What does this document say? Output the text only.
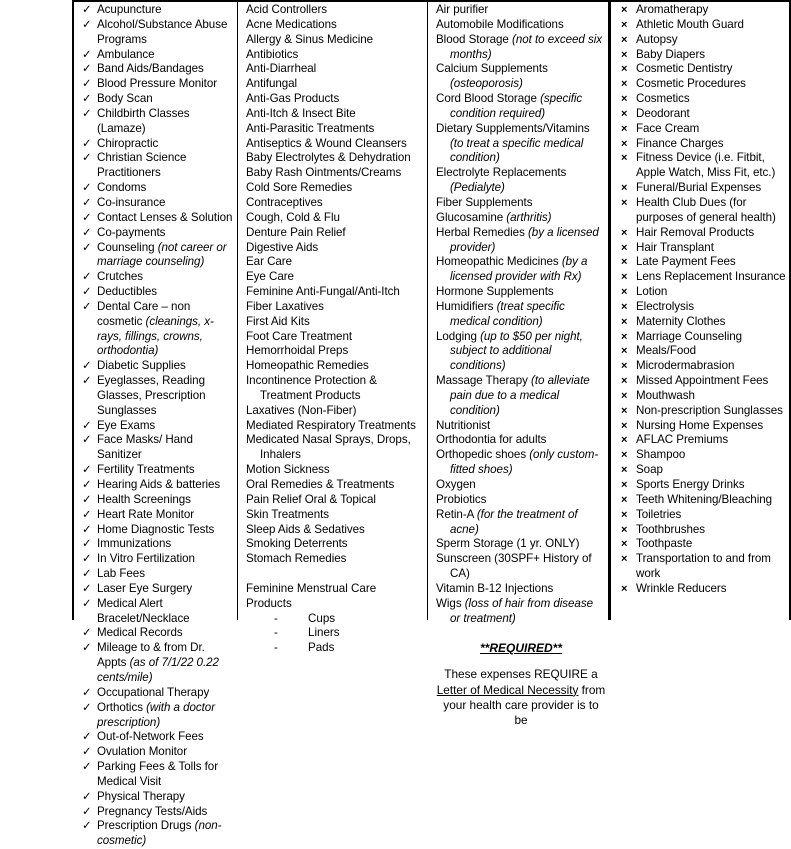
✓ Acupuncture
✓ Alcohol/Substance Abuse Programs
✓ Ambulance
✓ Band Aids/Bandages
✓ Blood Pressure Monitor
✓ Body Scan
✓ Childbirth Classes (Lamaze)
✓ Chiropractic
✓ Christian Science Practitioners
✓ Condoms
✓ Co-insurance
✓ Contact Lenses & Solution
✓ Co-payments
✓ Counseling (not career or marriage counseling)
✓ Crutches
✓ Deductibles
✓ Dental Care – non cosmetic (cleanings, x-rays, fillings, crowns, orthodontia)
✓ Diabetic Supplies
✓ Eyeglasses, Reading Glasses, Prescription Sunglasses
✓ Eye Exams
✓ Face Masks/ Hand Sanitizer
✓ Fertility Treatments
✓ Hearing Aids & batteries
✓ Health Screenings
✓ Heart Rate Monitor
✓ Home Diagnostic Tests
✓ Immunizations
✓ In Vitro Fertilization
✓ Lab Fees
✓ Laser Eye Surgery
✓ Medical Alert Bracelet/Necklace
✓ Medical Records
✓ Mileage to & from Dr. Appts (as of 7/1/22 0.22 cents/mile)
✓ Occupational Therapy
✓ Orthotics (with a doctor prescription)
✓ Out-of-Network Fees
✓ Ovulation Monitor
✓ Parking Fees & Tolls for Medical Visit
✓ Physical Therapy
✓ Pregnancy Tests/Aids
✓ Prescription Drugs (non-cosmetic)
Acid Controllers
Acne Medications
Allergy & Sinus Medicine
Antibiotics
Anti-Diarrheal
Antifungal
Anti-Gas Products
Anti-Itch & Insect Bite
Anti-Parasitic Treatments
Antiseptics & Wound Cleansers
Baby Electrolytes & Dehydration
Baby Rash Ointments/Creams
Cold Sore Remedies
Contraceptives
Cough, Cold & Flu
Denture Pain Relief
Digestive Aids
Ear Care
Eye Care
Feminine Anti-Fungal/Anti-Itch
Fiber Laxatives
First Aid Kits
Foot Care Treatment
Hemorrhoidal Preps
Homeopathic Remedies
Incontinence Protection & Treatment Products
Laxatives (Non-Fiber)
Mediated Respiratory Treatments
Medicated Nasal Sprays, Drops, Inhalers
Motion Sickness
Oral Remedies & Treatments
Pain Relief Oral & Topical
Skin Treatments
Sleep Aids & Sedatives
Smoking Deterrents
Stomach Remedies
Feminine Menstrual Care Products
-	Cups
-	Liners
-	Pads
Air purifier
Automobile Modifications
Blood Storage (not to exceed six months)
Calcium Supplements (osteoporosis)
Cord Blood Storage (specific condition required)
Dietary Supplements/Vitamins (to treat a specific medical condition)
Electrolyte Replacements (Pedialyte)
Fiber Supplements
Glucosamine (arthritis)
Herbal Remedies (by a licensed provider)
Homeopathic Medicines (by a licensed provider with Rx)
Hormone Supplements
Humidifiers (treat specific medical condition)
Lodging (up to $50 per night, subject to additional conditions)
Massage Therapy (to alleviate pain due to a medical condition)
Nutritionist
Orthodontia for adults
Orthopedic shoes (only custom-fitted shoes)
Oxygen
Probiotics
Retin-A (for the treatment of acne)
Sperm Storage (1 yr. ONLY)
Sunscreen (30SPF+ History of CA)
Vitamin B-12 Injections
Wigs (loss of hair from disease or treatment)
**REQUIRED**
These expenses REQUIRE a Letter of Medical Necessity from your health care provider is to be
× Aromatherapy
× Athletic Mouth Guard
× Autopsy
× Baby Diapers
× Cosmetic Dentistry
× Cosmetic Procedures
× Cosmetics
× Deodorant
× Face Cream
× Finance Charges
× Fitness Device (i.e. Fitbit, Apple Watch, Miss Fit, etc.)
× Funeral/Burial Expenses
× Health Club Dues (for purposes of general health)
× Hair Removal Products
× Hair Transplant
× Late Payment Fees
× Lens Replacement Insurance
× Lotion
× Electrolysis
× Maternity Clothes
× Marriage Counseling
× Meals/Food
× Microdermabrasion
× Missed Appointment Fees
× Mouthwash
× Non-prescription Sunglasses
× Nursing Home Expenses
× AFLAC Premiums
× Shampoo
× Soap
× Sports Energy Drinks
× Teeth Whitening/Bleaching
× Toiletries
× Toothbrushes
× Toothpaste
× Transportation to and from work
× Wrinkle Reducers
